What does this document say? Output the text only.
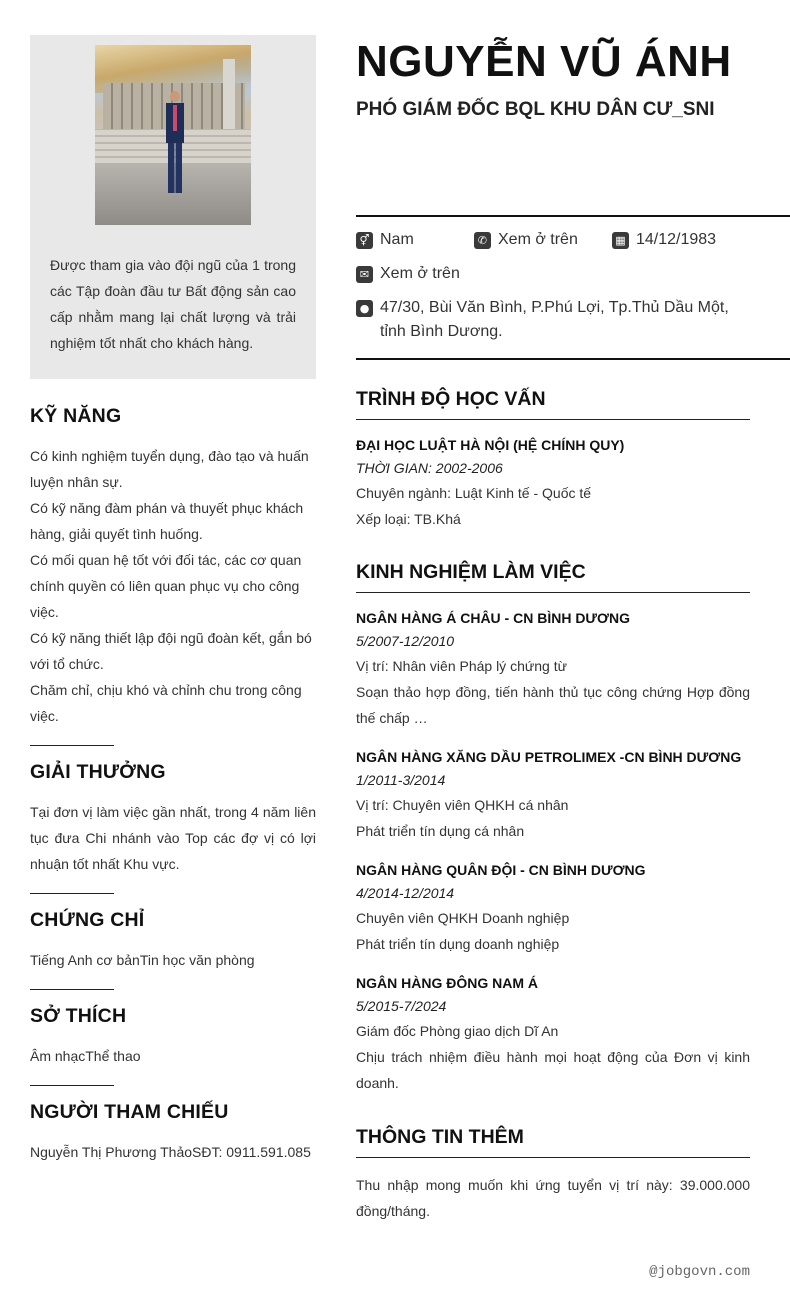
Được tham gia vào đội ngũ của 1 trong các Tập đoàn đầu tư Bất động sản cao cấp nhằm mang lại chất lượng và trải nghiệm tốt nhất cho khách hàng.

KỸ NĂNG

Có kinh nghiệm tuyển dụng, đào tạo và huấn luyện nhân sự.

Có kỹ năng đàm phán và thuyết phục khách hàng, giải quyết tình huống.

Có mối quan hệ tốt với đối tác, các cơ quan chính quyền có liên quan phục vụ cho công việc.

Có kỹ năng thiết lập đội ngũ đoàn kết, gắn bó với tổ chức.

Chăm chỉ, chịu khó và chỉnh chu trong công việc.

GIẢI THƯỞNG

Tại đơn vị làm việc gần nhất, trong 4 năm liên tục đưa Chi nhánh vào Top các đợ vị có lợi nhuận tốt nhất Khu vực.

CHỨNG CHỈ

Tiếng Anh cơ bảnTin học văn phòng

SỞ THÍCH

Âm nhạcThể thao

NGƯỜI THAM CHIẾU

Nguyễn Thị Phương ThảoSĐT: 0911.591.085

NGUYỄN VŨ ÁNH
PHÓ GIÁM ĐỐC BQL KHU DÂN CƯ_SNI
⚥ Nam	✆ Xem ở trên	▦ 14/12/1983
✉ Xem ở trên
● 47/30, Bùi Văn Bình, P.Phú Lợi, Tp.Thủ Dầu Một, tỉnh Bình Dương.
TRÌNH ĐỘ HỌC VẤN

ĐẠI HỌC LUẬT HÀ NỘI (HỆ CHÍNH QUY)

THỜI GIAN: 2002-2006

Chuyên ngành: Luật Kinh tế - Quốc tế

Xếp loại: TB.Khá

KINH NGHIỆM LÀM VIỆC

NGÂN HÀNG Á CHÂU - CN BÌNH DƯƠNG

5/2007-12/2010

Vị trí: Nhân viên Pháp lý chứng từ

Soạn thảo hợp đồng, tiến hành thủ tục công chứng Hợp đồng thế chấp …

NGÂN HÀNG XĂNG DẦU PETROLIMEX -CN BÌNH DƯƠNG

1/2011-3/2014

Vị trí: Chuyên viên QHKH cá nhân

Phát triển tín dụng cá nhân

NGÂN HÀNG QUÂN ĐỘI - CN BÌNH DƯƠNG

4/2014-12/2014

Chuyên viên QHKH Doanh nghiệp

Phát triển tín dụng doanh nghiệp

NGÂN HÀNG ĐÔNG NAM Á

5/2015-7/2024

Giám đốc Phòng giao dịch Dĩ An

Chịu trách nhiệm điều hành mọi hoạt động của Đơn vị kinh doanh.

THÔNG TIN THÊM

Thu nhập mong muốn khi ứng tuyển vị trí này: 39.000.000 đồng/tháng.

@jobgovn.com
